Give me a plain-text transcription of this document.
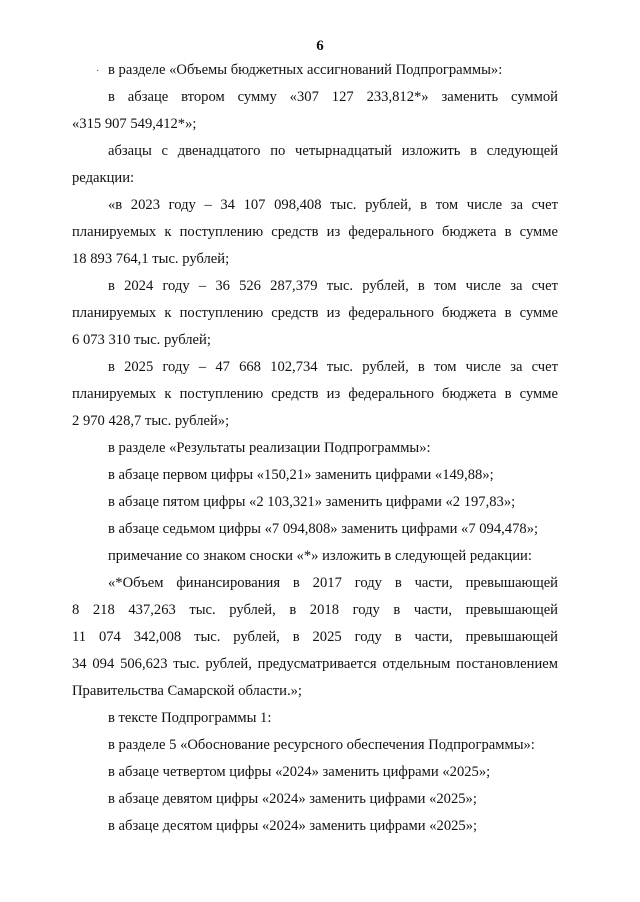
6
· в разделе «Объемы бюджетных ассигнований Подпрограммы»:
в абзаце втором сумму «307 127 233,812*» заменить суммой
«315 907 549,412*»;
абзацы с двенадцатого по четырнадцатый изложить в следующей
редакции:
«в 2023 году – 34 107 098,408 тыс. рублей, в том числе за счет
планируемых к поступлению средств из федерального бюджета в сумме
18 893 764,1 тыс. рублей;
в 2024 году – 36 526 287,379 тыс. рублей, в том числе за счет
планируемых к поступлению средств из федерального бюджета в сумме
6 073 310 тыс. рублей;
в 2025 году – 47 668 102,734 тыс. рублей, в том числе за счет
планируемых к поступлению средств из федерального бюджета в сумме
2 970 428,7 тыс. рублей»;
в разделе «Результаты реализации Подпрограммы»:
в абзаце первом цифры «150,21» заменить цифрами «149,88»;
в абзаце пятом цифры «2 103,321» заменить цифрами «2 197,83»;
в абзаце седьмом цифры «7 094,808» заменить цифрами «7 094,478»;
примечание со знаком сноски «*» изложить в следующей редакции:
«*Объем финансирования в 2017 году в части, превышающей
8 218 437,263 тыс. рублей, в 2018 году в части, превышающей
11 074 342,008 тыс. рублей, в 2025 году в части, превышающей
34 094 506,623 тыс. рублей, предусматривается отдельным постановлением
Правительства Самарской области.»;
в тексте Подпрограммы 1:
в разделе 5 «Обоснование ресурсного обеспечения Подпрограммы»:
в абзаце четвертом цифры «2024» заменить цифрами «2025»;
в абзаце девятом цифры «2024» заменить цифрами «2025»;
в абзаце десятом цифры «2024» заменить цифрами «2025»;
